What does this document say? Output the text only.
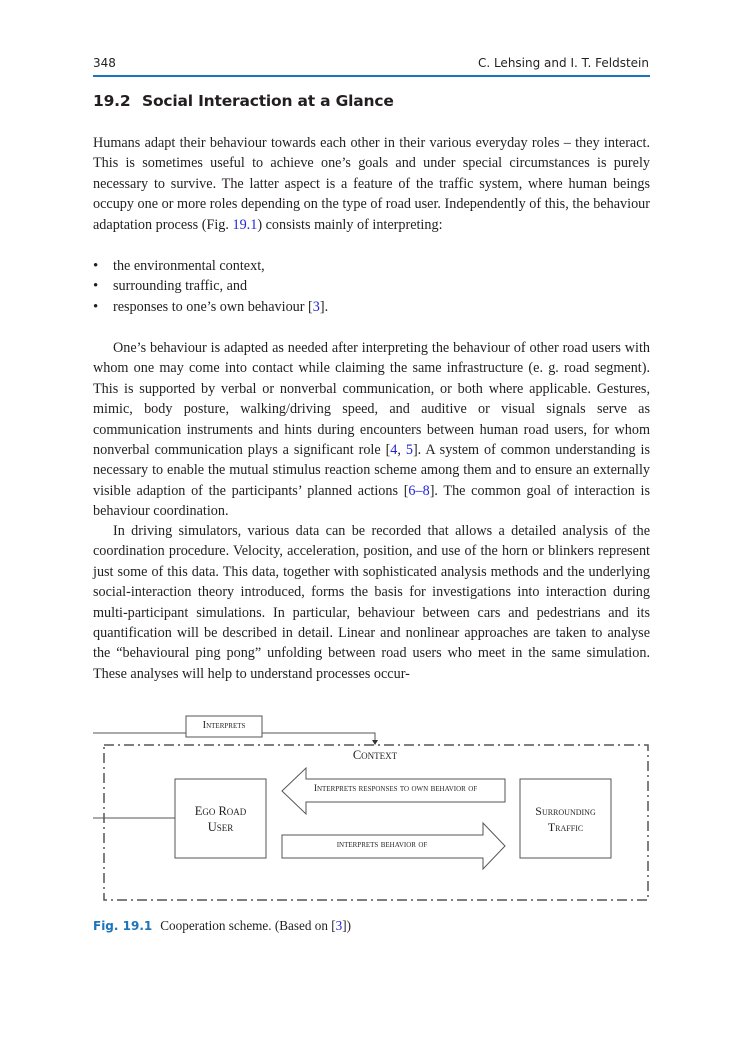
348	C. Lehsing and I. T. Feldstein
19.2 Social Interaction at a Glance

Humans adapt their behaviour towards each other in their various everyday roles – they interact. This is sometimes useful to achieve one’s goals and under special circumstances is purely necessary to survive. The latter aspect is a feature of the traffic system, where human beings occupy one or more roles depending on the type of road user. Independently of this, the behaviour adaptation process (Fig. 19.1) consists mainly of interpreting:

• the environmental context,
• surrounding traffic, and
• responses to one’s own behaviour [3].

One’s behaviour is adapted as needed after interpreting the behaviour of other road users with whom one may come into contact while claiming the same infrastructure (e. g. road segment). This is supported by verbal or nonverbal communication, or both where applicable. Gestures, mimic, body posture, walking/driving speed, and auditive or visual signals serve as communication instruments and hints during encounters between human road users, for whom nonverbal communication plays a significant role [4, 5]. A system of common understanding is necessary to enable the mutual stimulus reaction scheme among them and to ensure an externally visible adaption of the participants’ planned actions [6–8]. The common goal of interaction is behaviour coordination.

In driving simulators, various data can be recorded that allows a detailed analysis of the coordination procedure. Velocity, acceleration, position, and use of the horn or blinkers represent just some of this data. This data, together with sophisticated analysis methods and the underlying social-interaction theory introduced, forms the basis for investigations into interaction during multi-participant simulations. In particular, behaviour between cars and pedestrians and its quantification will be described in detail. Linear and nonlinear approaches are taken to analyse the “behavioural ping pong” unfolding between road users who meet in the same simulation. These analyses will help to understand processes occur-

Interprets
Context
Ego Road
User
Surrounding
Traffic
Interprets responses to own behavior of
interprets behavior of
Fig. 19.1 Cooperation scheme. (Based on [3])
